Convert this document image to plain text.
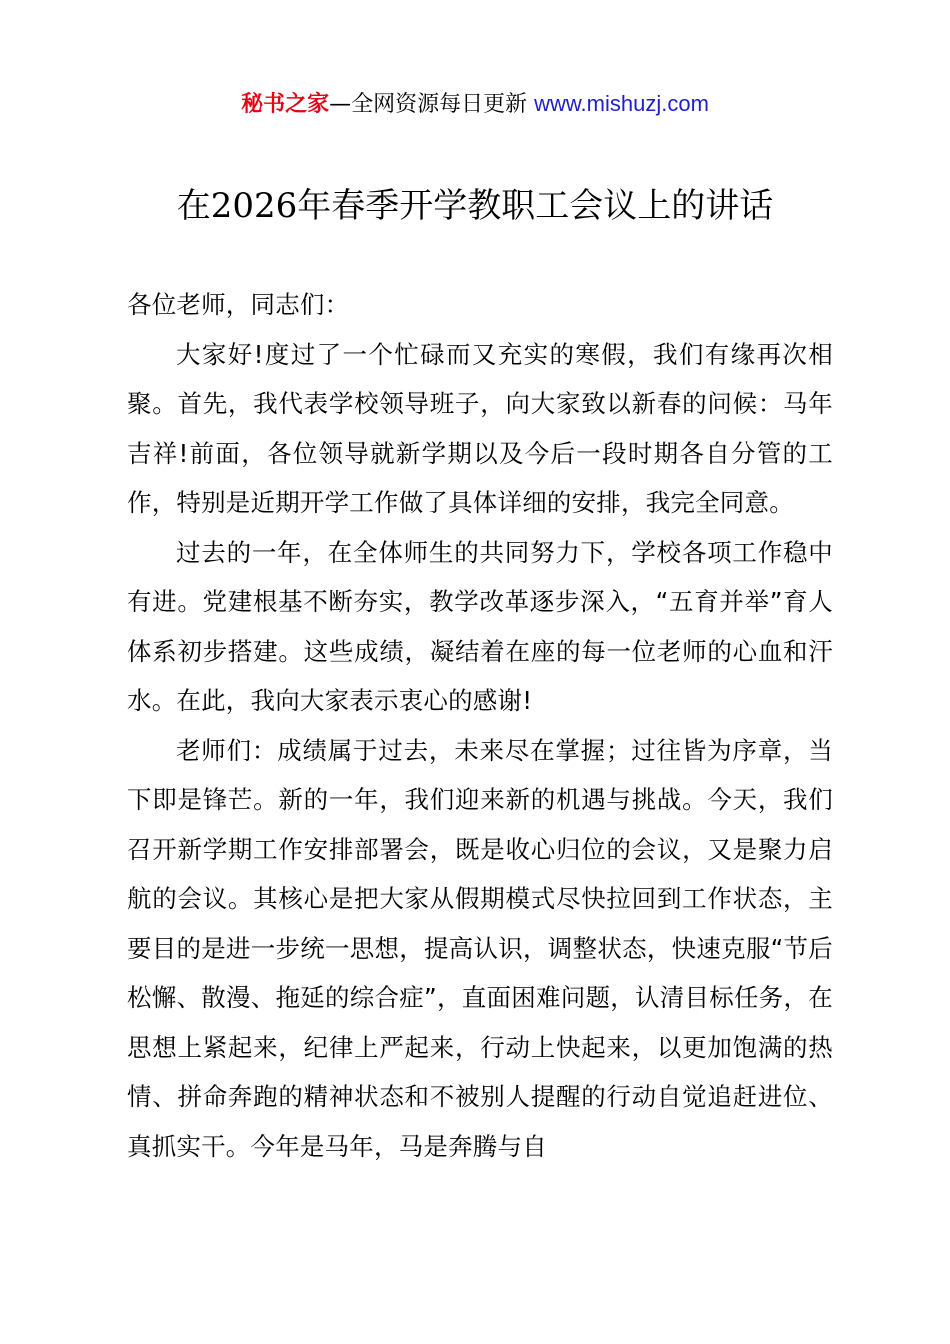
秘书之家—全网资源每日更新 www.mishuzj.com
在2026年春季开学教职工会议上的讲话

各位老师，同志们：

大家好!度过了一个忙碌而又充实的寒假，我们有缘再次相聚。首先，我代表学校领导班子，向大家致以新春的问候：马年吉祥!前面，各位领导就新学期以及今后一段时期各自分管的工作，特别是近期开学工作做了具体详细的安排，我完全同意。

过去的一年，在全体师生的共同努力下，学校各项工作稳中有进。党建根基不断夯实，教学改革逐步深入，“五育并举”育人体系初步搭建。这些成绩，凝结着在座的每一位老师的心血和汗水。在此，我向大家表示衷心的感谢!

老师们：成绩属于过去，未来尽在掌握；过往皆为序章，当下即是锋芒。新的一年，我们迎来新的机遇与挑战。今天，我们召开新学期工作安排部署会，既是收心归位的会议，又是聚力启航的会议。其核心是把大家从假期模式尽快拉回到工作状态，主要目的是进一步统一思想，提高认识，调整状态，快速克服“节后松懈、散漫、拖延的综合症”，直面困难问题，认清目标任务，在思想上紧起来，纪律上严起来，行动上快起来，以更加饱满的热情、拼命奔跑的精神状态和不被别人提醒的行动自觉追赶进位、真抓实干。今年是马年，马是奔腾与自
